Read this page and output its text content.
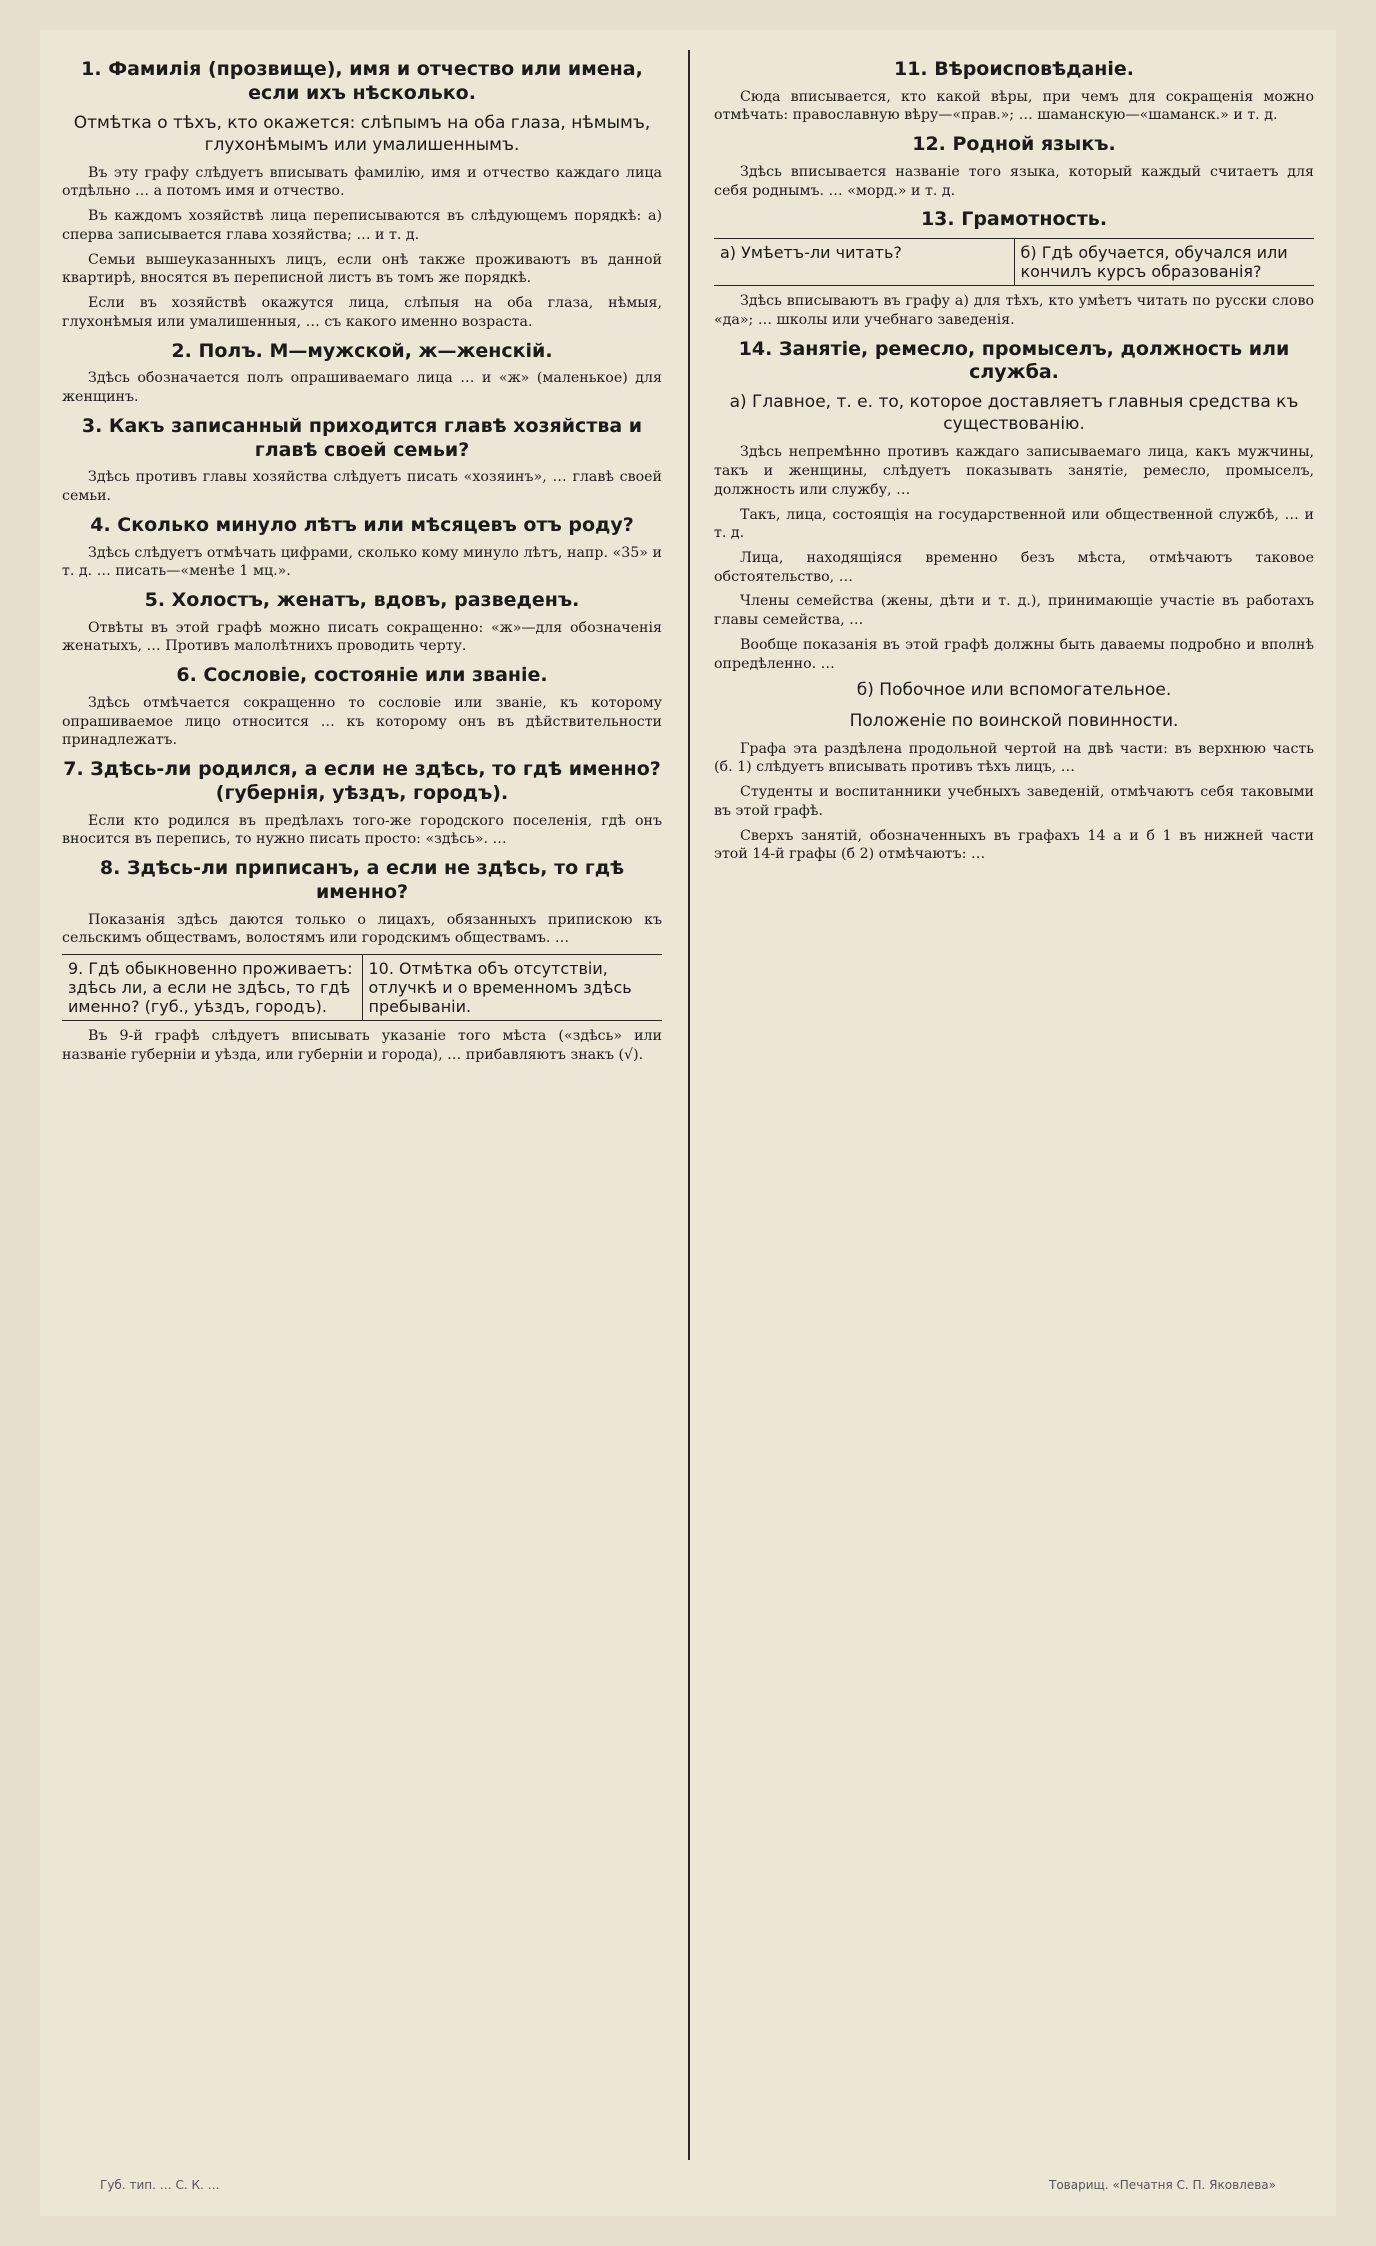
1. Фамилія (прозвище), имя и отчество или имена, если ихъ нѣсколько.
Отмѣтка о тѣхъ, кто окажется: слѣпымъ на оба глаза, нѣмымъ, глухонѣмымъ или умалишеннымъ.

Въ эту графу слѣдуетъ вписывать фамилію, имя и отчество каждаго лица отдѣльно … а потомъ имя и отчество.

Въ каждомъ хозяйствѣ лица переписываются въ слѣдующемъ порядкѣ: а) сперва записывается глава хозяйства; … и т. д.

Семьи вышеуказанныхъ лицъ, если онѣ также проживаютъ въ данной квартирѣ, вносятся въ переписной листъ въ томъ же порядкѣ.

Если въ хозяйствѣ окажутся лица, слѣпыя на оба глаза, нѣмыя, глухонѣмыя или умалишенныя, … съ какого именно возраста.

2. Полъ. М—мужской, ж—женскій.

Здѣсь обозначается полъ опрашиваемаго лица … и «ж» (маленькое) для женщинъ.

3. Какъ записанный приходится главѣ хозяйства и главѣ своей семьи?

Здѣсь противъ главы хозяйства слѣдуетъ писать «хозяинъ», … главѣ своей семьи.

4. Сколько минуло лѣтъ или мѣсяцевъ отъ роду?

Здѣсь слѣдуетъ отмѣчать цифрами, сколько кому минуло лѣтъ, напр. «35» и т. д. … писать—«менѣе 1 мц.».

5. Холостъ, женатъ, вдовъ, разведенъ.

Отвѣты въ этой графѣ можно писать сокращенно: «ж»—для обозначенія женатыхъ, … Противъ малолѣтнихъ проводить черту.

6. Сословіе, состояніе или званіе.

Здѣсь отмѣчается сокращенно то сословіе или званіе, къ которому опрашиваемое лицо относится … къ которому онъ въ дѣйствительности принадлежатъ.

7. Здѣсь-ли родился, а если не здѣсь, то гдѣ именно? (губернія, уѣздъ, городъ).

Если кто родился въ предѣлахъ того-же городского поселенія, гдѣ онъ вносится въ перепись, то нужно писать просто: «здѣсь». …

8. Здѣсь-ли приписанъ, а если не здѣсь, то гдѣ именно?

Показанія здѣсь даются только о лицахъ, обязанныхъ припискою къ сельскимъ обществамъ, волостямъ или городскимъ обществамъ. …

9. Гдѣ обыкновенно проживаетъ: здѣсь ли, а если не здѣсь, то гдѣ именно? (губ., уѣздъ, городъ).
10. Отмѣтка объ отсутствіи, отлучкѣ и о временномъ здѣсь пребываніи.

Въ 9-й графѣ слѣдуетъ вписывать указаніе того мѣста («здѣсь» или названіе губерніи и уѣзда, или губерніи и города), … прибавляютъ знакъ (√).

11. Вѣроисповѣданіе.

Сюда вписывается, кто какой вѣры, при чемъ для сокращенія можно отмѣчать: православную вѣру—«прав.»; … шаманскую—«шаманск.» и т. д.

12. Родной языкъ.

Здѣсь вписывается названіе того языка, который каждый считаетъ для себя роднымъ. … «морд.» и т. д.

13. Грамотность.
а) Умѣетъ-ли читать?	б) Гдѣ обучается, обучался или кончилъ курсъ образованія?

Здѣсь вписываютъ въ графу а) для тѣхъ, кто умѣетъ читать по русски слово «да»; … школы или учебнаго заведенія.

14. Занятіе, ремесло, промыселъ, должность или служба.
а) Главное, т. е. то, которое доставляетъ главныя средства къ существованію.

Здѣсь непремѣнно противъ каждаго записываемаго лица, какъ мужчины, такъ и женщины, слѣдуетъ показывать занятіе, ремесло, промыселъ, должность или службу, …

Такъ, лица, состоящія на государственной или общественной службѣ, … и т. д.

Лица, находящіяся временно безъ мѣста, отмѣчаютъ таковое обстоятельство, …

Члены семейства (жены, дѣти и т. д.), принимающіе участіе въ работахъ главы семейства, …

Вообще показанія въ этой графѣ должны быть даваемы подробно и вполнѣ опредѣленно. …

б) Побочное или вспомогательное.
Положеніе по воинской повинности.

Графа эта раздѣлена продольной чертой на двѣ части: въ верхнюю часть (б. 1) слѣдуетъ вписывать противъ тѣхъ лицъ, …

Студенты и воспитанники учебныхъ заведеній, отмѣчаютъ себя таковыми въ этой графѣ.

Сверхъ занятій, обозначенныхъ въ графахъ 14 а и б 1 въ нижней части этой 14-й графы (б 2) отмѣчаютъ: …

Губ. тип. … С. К. …	Товарищ. «Печатня С. П. Яковлева»
